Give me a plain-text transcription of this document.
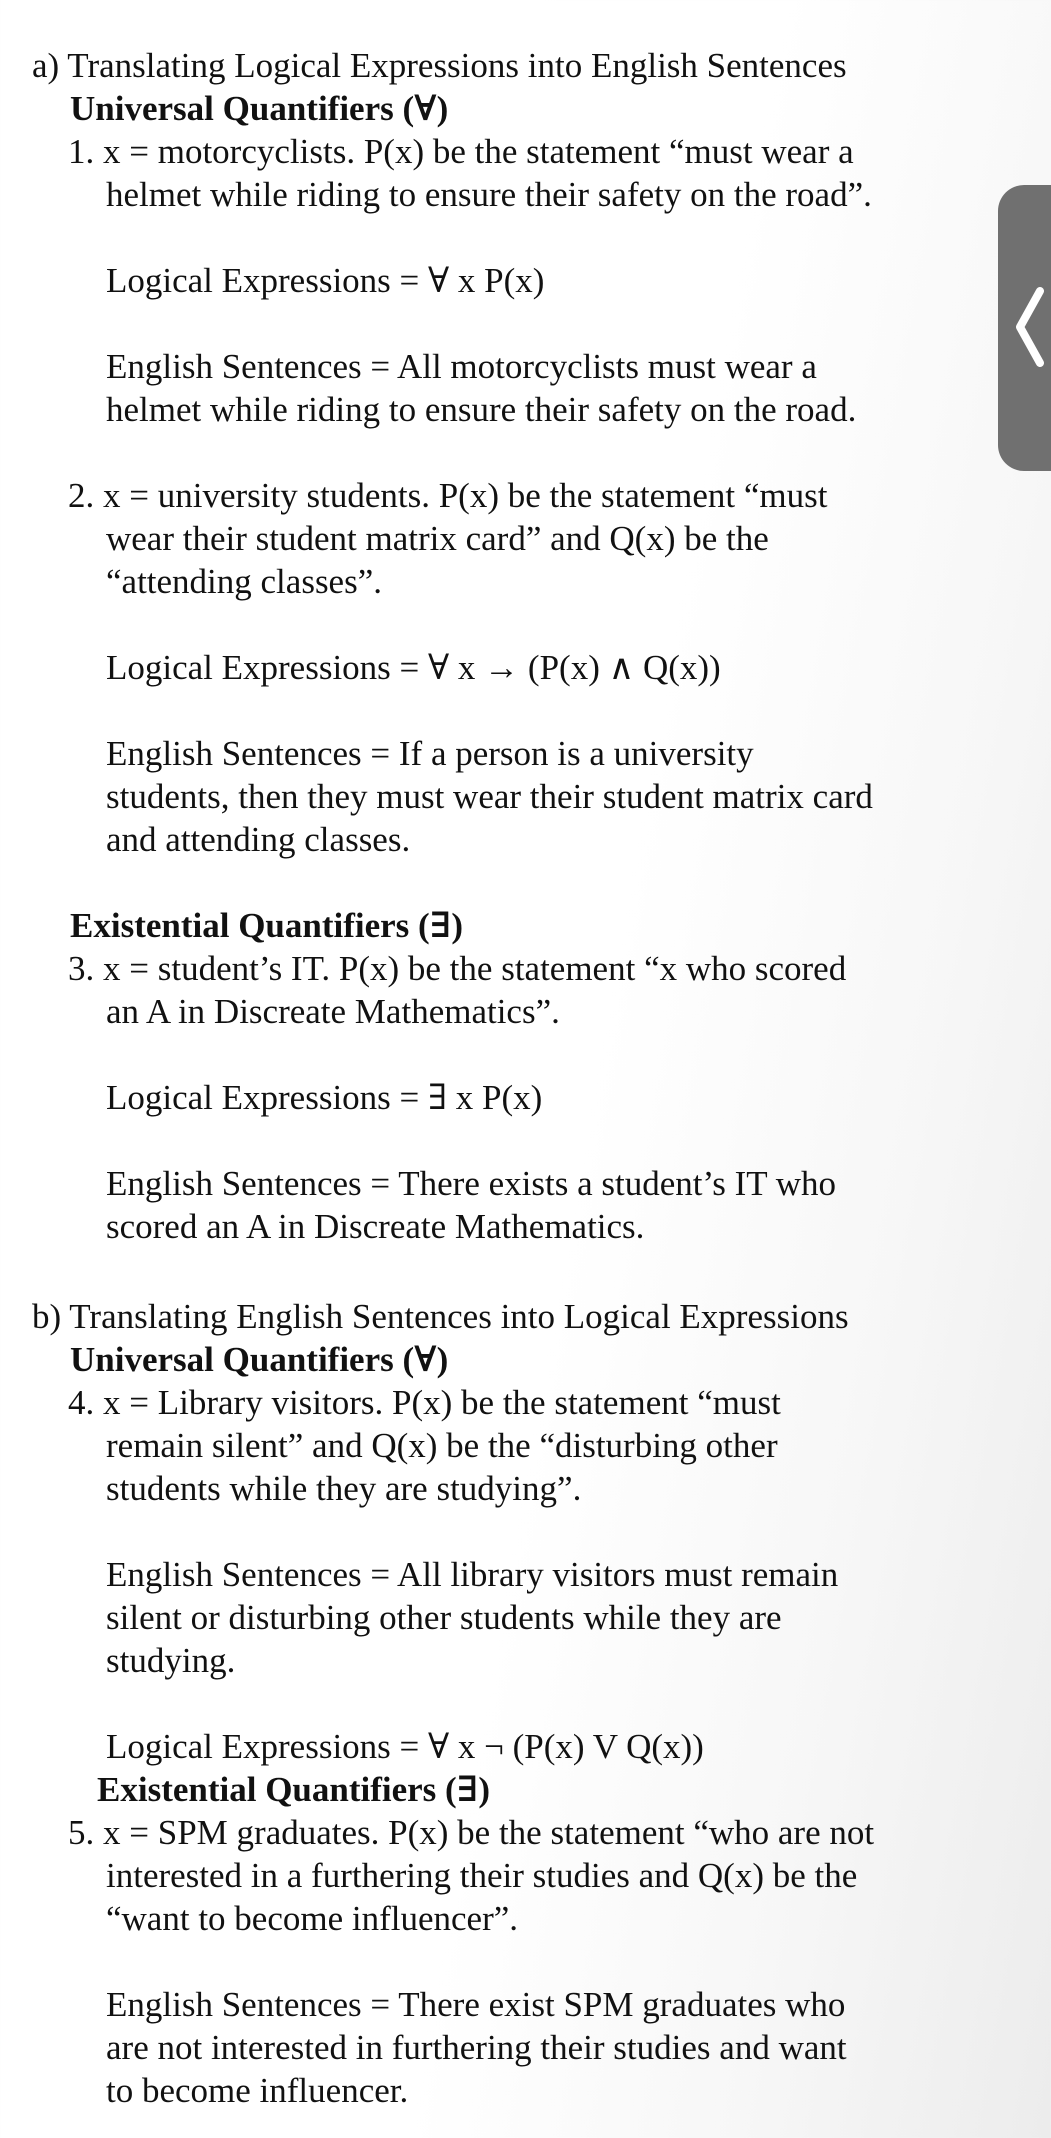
a) Translating Logical Expressions into English Sentences
Universal Quantifiers (∀)
1. x = motorcyclists. P(x) be the statement “must wear a
helmet while riding to ensure their safety on the road”.
Logical Expressions = ∀ x P(x)
English Sentences = All motorcyclists must wear a
helmet while riding to ensure their safety on the road.
2. x = university students. P(x) be the statement “must
wear their student matrix card” and Q(x) be the
“attending classes”.
Logical Expressions = ∀ x → (P(x) ∧ Q(x))
English Sentences = If a person is a university
students, then they must wear their student matrix card
and attending classes.
Existential Quantifiers (∃)
3. x = student’s IT. P(x) be the statement “x who scored
an A in Discreate Mathematics”.
Logical Expressions = ∃ x P(x)
English Sentences = There exists a student’s IT who
scored an A in Discreate Mathematics.
b) Translating English Sentences into Logical Expressions
Universal Quantifiers (∀)
4. x = Library visitors. P(x) be the statement “must
remain silent” and Q(x) be the “disturbing other
students while they are studying”.
English Sentences = All library visitors must remain
silent or disturbing other students while they are
studying.
Logical Expressions = ∀ x ¬ (P(x) V Q(x))
Existential Quantifiers (∃)
5. x = SPM graduates. P(x) be the statement “who are not
interested in a furthering their studies and Q(x) be the
“want to become influencer”.
English Sentences = There exist SPM graduates who
are not interested in furthering their studies and want
to become influencer.
